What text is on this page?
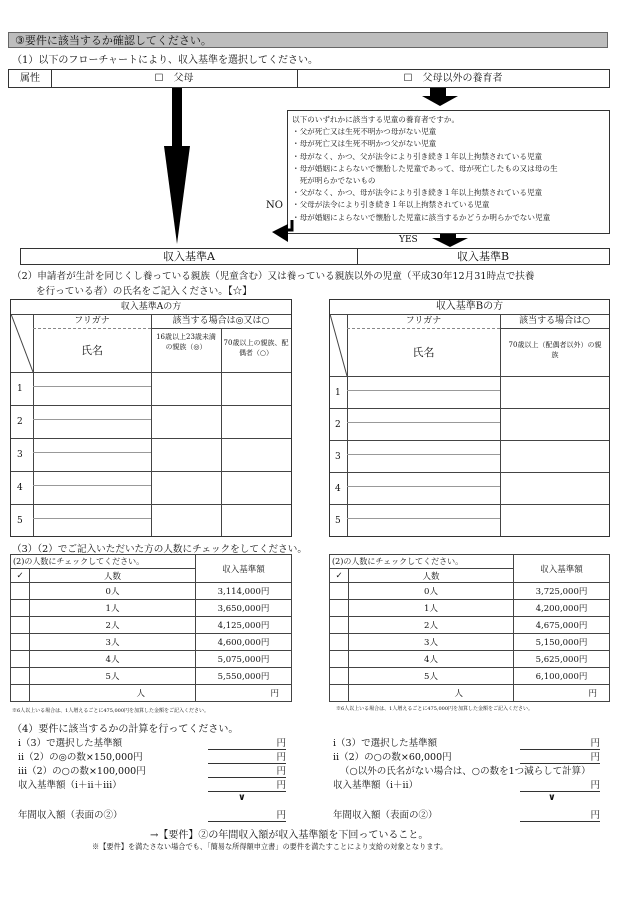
③要件に該当するか確認してください。
（1）以下のフローチャートにより、収入基準を選択してください。
属性	☐　父母	☐　父母以外の養育者
以下のいずれかに該当する児童の養育者ですか。
・父が死亡又は生死不明かつ母がない児童
・母が死亡又は生死不明かつ父がない児童
・母がなく、かつ、父が法令により引き続き１年以上拘禁されている児童
・母が婚姻によらないで懐胎した児童であって、母が死亡したもの又は母の生
　死が明らかでないもの
・父がなく、かつ、母が法令により引き続き１年以上拘禁されている児童
・父母が法令により引き続き１年以上拘禁されている児童
・母が婚姻によらないで懐胎した児童に該当するかどうか明らかでない児童
NO
YES
収入基準A	収入基準B
（2）申請者が生計を同じくし養っている親族（児童含む）又は養っている親族以外の児童（平成30年12月31時点で扶養
を行っている者）の氏名をご記入ください。【☆】
収入基準Aの方
フリガナ
氏名
該当する場合は◎又は○
16歳以上23歳未満の親族（◎）	70歳以上の親族、配偶者（○）
1
2
3
4
5
収入基準Bの方
フリガナ
氏名
該当する場合は○
70歳以上（配偶者以外）の親族
1
2
3
4
5
（3）（2）でご記入いただいた方の人数にチェックをしてください。
(2)の人数にチェックしてください。		収入基準額
✓	人数	
	0人	3,114,000円
	1人	3,650,000円
	2人	4,125,000円
	3人	4,600,000円
	4人	5,075,000円
	5人	5,550,000円
	人	円
※6人以上いる場合は、1人増えるごとに475,000円を加算した金額をご記入ください。
(2)の人数にチェックしてください。		収入基準額
✓	人数	
	0人	3,725,000円
	1人	4,200,000円
	2人	4,675,000円
	3人	5,150,000円
	4人	5,625,000円
	5人	6,100,000円
	人	円
※6人以上いる場合は、1人増えるごとに475,000円を加算した金額をご記入ください。
（4）要件に該当するかの計算を行ってください。
ⅰ（3）で選択した基準額	円
ⅱ（2）の◎の数×150,000円	円
ⅲ（2）の○の数×100,000円	円
収入基準額（ⅰ＋ⅱ＋ⅲ）	円
∨
年間収入額（表面の②）	円
ⅰ（3）で選択した基準額	円
ⅱ（2）の○の数×60,000円	円
（○以外の氏名がない場合は、○の数を1つ減らして計算）
収入基準額（ⅰ＋ⅱ）	円
∨
年間収入額（表面の②）	円
→【要件】②の年間収入額が収入基準額を下回っていること。
※【要件】を満たさない場合でも、「簡易な所得額申立書」の要件を満たすことにより支給の対象となります。
